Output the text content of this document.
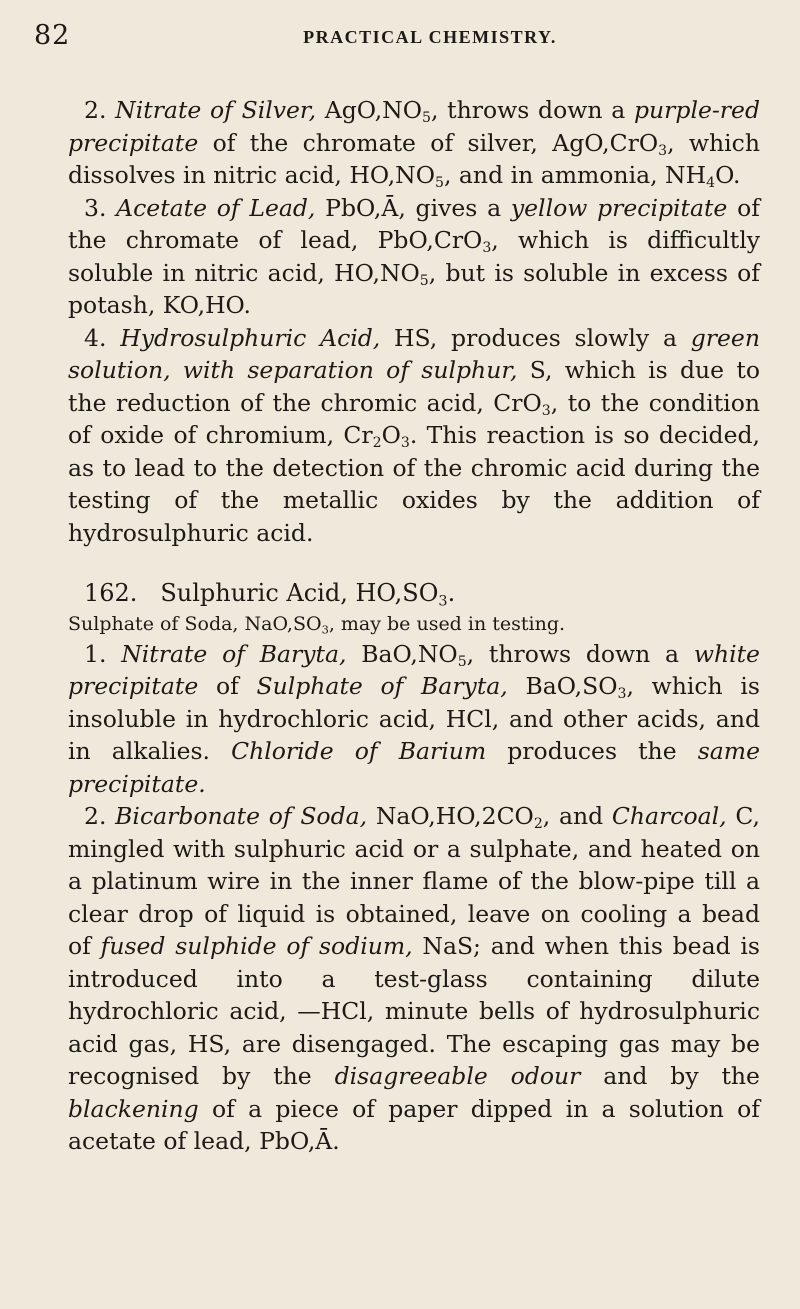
82	PRACTICAL CHEMISTRY.

2. Nitrate of Silver, $AgO,NO_5$, throws down a purple-red precipitate of the chromate of silver, AgO,CrO$_3$, which dissolves in nitric acid, $HO,NO_5$, and in ammonia, $NH_4O$.

3. Acetate of Lead, PbO,Ā, gives a yellow precipitate of the chromate of lead, PbO,CrO$_3$, which is difficultly soluble in nitric acid, $HO,NO_5$, but is soluble in excess of potash, KO,HO.

4. Hydrosulphuric Acid, HS, produces slowly a green solution, with separation of sulphur, S, which is due to the reduction of the chromic acid, CrO$_3$, to the condition of oxide of chromium, $Cr_2O_3$. This reaction is so decided, as to lead to the detection of the chromic acid during the testing of the metallic oxides by the addition of hydrosulphuric acid.

162. Sulphuric Acid, $HO,SO_3$.

Sulphate of Soda, $NaO,SO_3$, may be used in testing.

1. Nitrate of Baryta, $BaO,NO_5$, throws down a white precipitate of Sulphate of Baryta, $BaO,SO_3$, which is insoluble in hydrochloric acid, HCl, and other acids, and in alkalies. Chloride of Barium produces the same precipitate.

2. Bicarbonate of Soda, $NaO,HO,2CO_2$, and Charcoal, C, mingled with sulphuric acid or a sulphate, and heated on a platinum wire in the inner flame of the blow-pipe till a clear drop of liquid is obtained, leave on cooling a bead of fused sulphide of sodium, NaS; and when this bead is introduced into a test-glass containing dilute hydrochloric acid, —HCl, minute bells of hydrosulphuric acid gas, HS, are disengaged. The escaping gas may be recognised by the disagreeable odour and by the blackening of a piece of paper dipped in a solution of acetate of lead, PbO,Ā.
